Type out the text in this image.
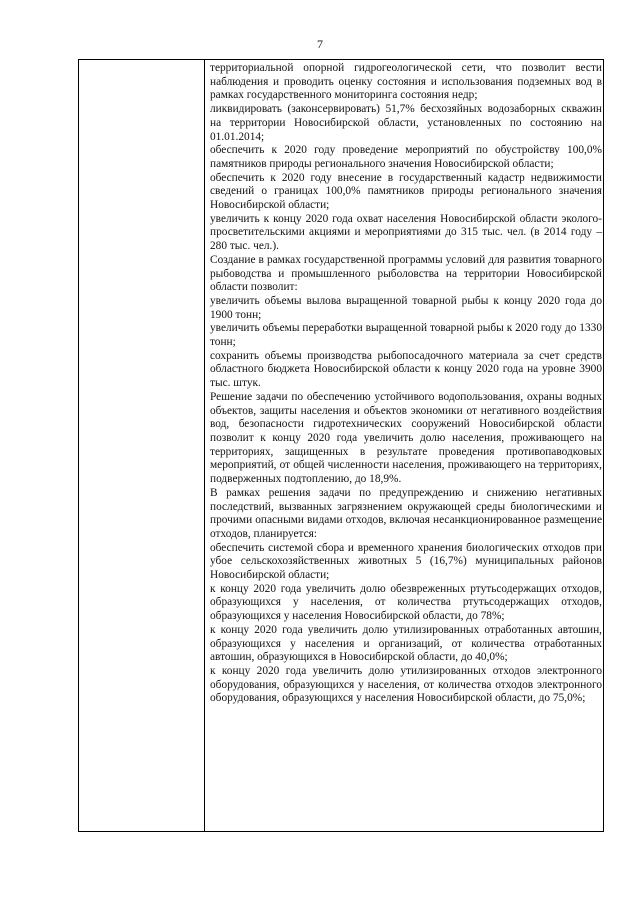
7

территориальной опорной гидрогеологической сети, что позволит вести наблюдения и проводить оценку состояния и использования подземных вод в рамках государственного мониторинга состояния недр;

ликвидировать (законсервировать) 51,7% бесхозяйных водозаборных скважин на территории Новосибирской области, установленных по состоянию на 01.01.2014;

обеспечить к 2020 году проведение мероприятий по обустройству 100,0% памятников природы регионального значения Новосибирской области;

обеспечить к 2020 году внесение в государственный кадастр недвижимости сведений о границах 100,0% памятников природы регионального значения Новосибирской области;

увеличить к концу 2020 года охват населения Новосибирской области эколого-просветительскими акциями и мероприятиями до 315 тыс. чел. (в 2014 году – 280 тыс. чел.).

Создание в рамках государственной программы условий для развития товарного рыбоводства и промышленного рыболовства на территории Новосибирской области позволит:

увеличить объемы вылова выращенной товарной рыбы к концу 2020 года до 1900 тонн;

увеличить объемы переработки выращенной товарной рыбы к 2020 году до 1330 тонн;

сохранить объемы производства рыбопосадочного материала за счет средств областного бюджета Новосибирской области к концу 2020 года на уровне 3900 тыс. штук.

Решение задачи по обеспечению устойчивого водопользования, охраны водных объектов, защиты населения и объектов экономики от негативного воздействия вод, безопасности гидротехнических сооружений Новосибирской области позволит к концу 2020 года увеличить долю населения, проживающего на территориях, защищенных в результате проведения противопаводковых мероприятий, от общей численности населения, проживающего на территориях, подверженных подтоплению, до 18,9%.

В рамках решения задачи по предупреждению и снижению негативных последствий, вызванных загрязнением окружающей среды биологическими и прочими опасными видами отходов, включая несанкционированное размещение отходов, планируется:

обеспечить системой сбора и временного хранения биологических отходов при убое сельскохозяйственных животных 5 (16,7%) муниципальных районов Новосибирской области;

к концу 2020 года увеличить долю обезвреженных ртутьсодержащих отходов, образующихся у населения, от количества ртутьсодержащих отходов, образующихся у населения Новосибирской области, до 78%;

к концу 2020 года увеличить долю утилизированных отработанных автошин, образующихся у населения и организаций, от количества отработанных автошин, образующихся в Новосибирской области, до 40,0%;

к концу 2020 года увеличить долю утилизированных отходов электронного оборудования, образующихся у населения, от количества отходов электронного оборудования, образующихся у населения Новосибирской области, до 75,0%;
